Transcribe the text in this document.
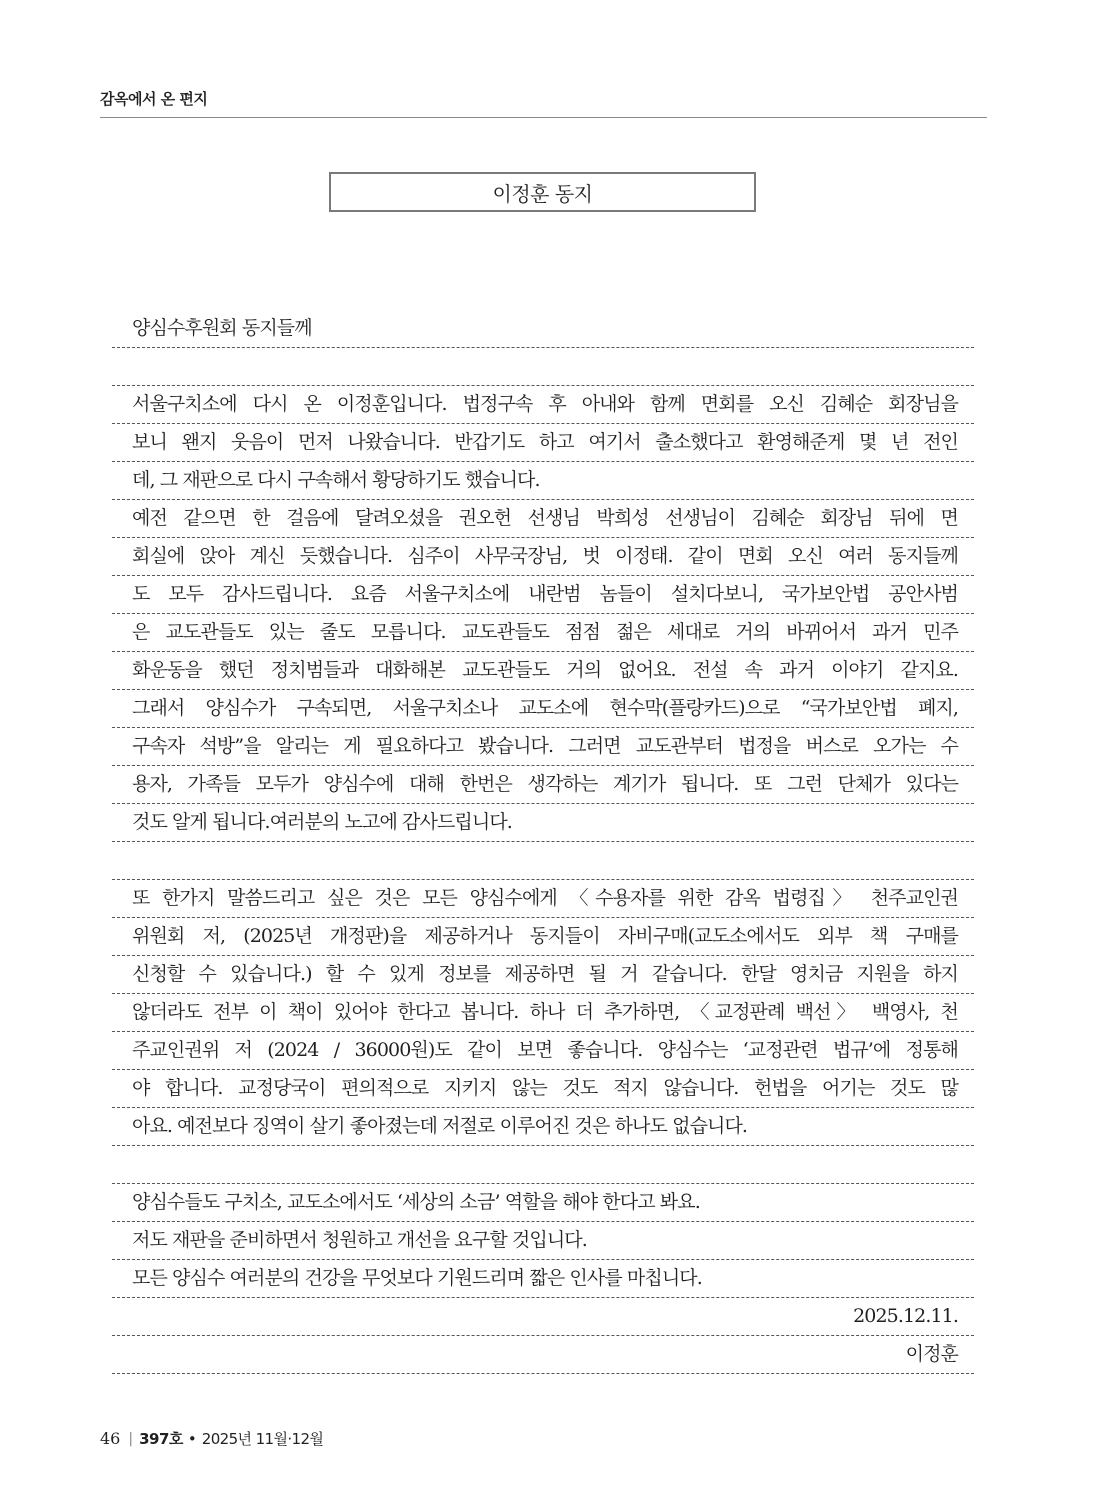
감옥에서 온 편지
이정훈 동지
양심수후원회 동지들께
서울구치소에 다시 온 이정훈입니다. 법정구속 후 아내와 함께 면회를 오신 김혜순 회장님을
보니 왠지 웃음이 먼저 나왔습니다. 반갑기도 하고 여기서 출소했다고 환영해준게 몇 년 전인
데, 그 재판으로 다시 구속해서 황당하기도 했습니다.
예전 같으면 한 걸음에 달려오셨을 권오헌 선생님 박희성 선생님이 김혜순 회장님 뒤에 면
회실에 앉아 계신 듯했습니다. 심주이 사무국장님, 벗 이정태. 같이 면회 오신 여러 동지들께
도 모두 감사드립니다. 요즘 서울구치소에 내란범 놈들이 설치다보니, 국가보안법 공안사범
은 교도관들도 있는 줄도 모릅니다. 교도관들도 점점 젊은 세대로 거의 바뀌어서 과거 민주
화운동을 했던 정치범들과 대화해본 교도관들도 거의 없어요. 전설 속 과거 이야기 같지요.
그래서 양심수가 구속되면, 서울구치소나 교도소에 현수막(플랑카드)으로 “국가보안법 폐지,
구속자 석방”을 알리는 게 필요하다고 봤습니다. 그러면 교도관부터 법정을 버스로 오가는 수
용자, 가족들 모두가 양심수에 대해 한번은 생각하는 계기가 됩니다. 또 그런 단체가 있다는
것도 알게 됩니다.여러분의 노고에 감사드립니다.
또 한가지 말씀드리고 싶은 것은 모든 양심수에게 〈수용자를 위한 감옥 법령집〉 천주교인권
위원회 저, (2025년 개정판)을 제공하거나 동지들이 자비구매(교도소에서도 외부 책 구매를
신청할 수 있습니다.) 할 수 있게 정보를 제공하면 될 거 같습니다. 한달 영치금 지원을 하지
않더라도 전부 이 책이 있어야 한다고 봅니다. 하나 더 추가하면, 〈교정판례 백선〉 백영사, 천
주교인권위 저 (2024 / 36000원)도 같이 보면 좋습니다. 양심수는 ‘교정관련 법규’에 정통해
야 합니다. 교정당국이 편의적으로 지키지 않는 것도 적지 않습니다. 헌법을 어기는 것도 많
아요. 예전보다 징역이 살기 좋아졌는데 저절로 이루어진 것은 하나도 없습니다.
양심수들도 구치소, 교도소에서도 ‘세상의 소금’ 역할을 해야 한다고 봐요.
저도 재판을 준비하면서 청원하고 개선을 요구할 것입니다.
모든 양심수 여러분의 건강을 무엇보다 기원드리며 짧은 인사를 마칩니다.
2025.12.11.
이정훈
46 | 397호 • 2025년 11월·12월
